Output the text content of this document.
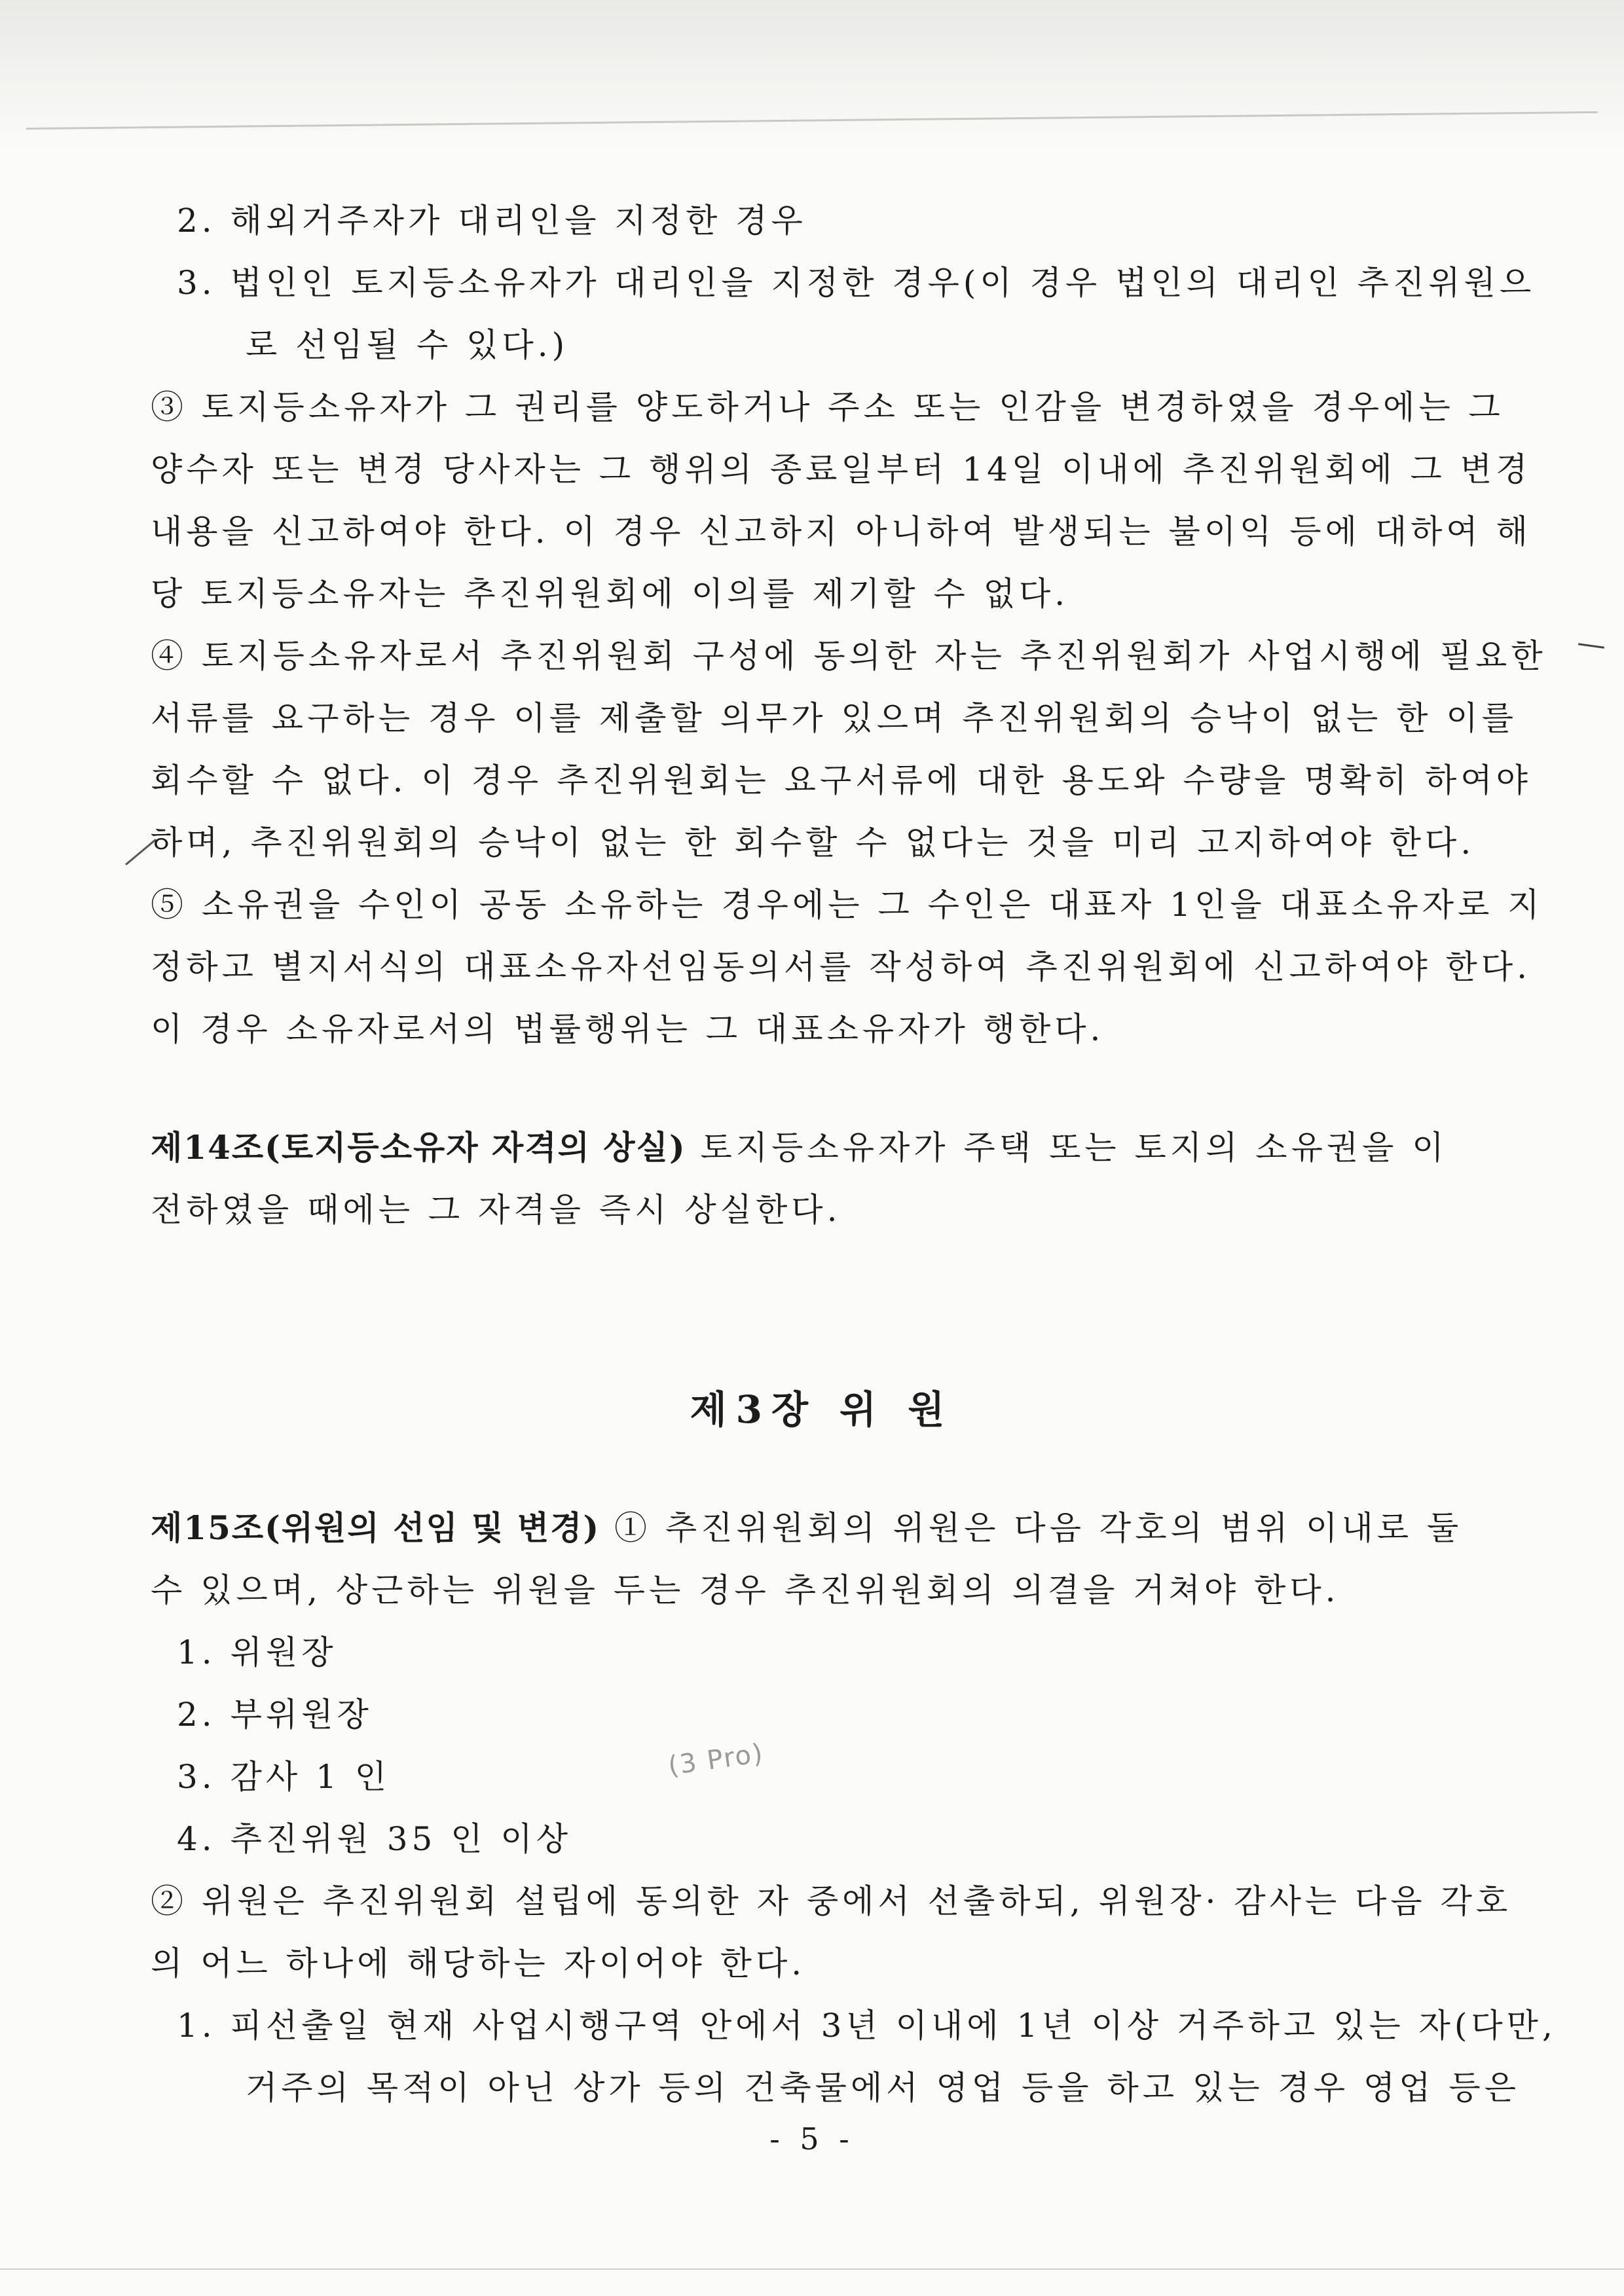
2. 해외거주자가 대리인을 지정한 경우
3. 법인인 토지등소유자가 대리인을 지정한 경우(이 경우 법인의 대리인 추진위원으
로 선임될 수 있다.)
③ 토지등소유자가 그 권리를 양도하거나 주소 또는 인감을 변경하였을 경우에는 그
양수자 또는 변경 당사자는 그 행위의 종료일부터 14일 이내에 추진위원회에 그 변경
내용을 신고하여야 한다. 이 경우 신고하지 아니하여 발생되는 불이익 등에 대하여 해
당 토지등소유자는 추진위원회에 이의를 제기할 수 없다.
④ 토지등소유자로서 추진위원회 구성에 동의한 자는 추진위원회가 사업시행에 필요한
서류를 요구하는 경우 이를 제출할 의무가 있으며 추진위원회의 승낙이 없는 한 이를
회수할 수 없다. 이 경우 추진위원회는 요구서류에 대한 용도와 수량을 명확히 하여야
하며, 추진위원회의 승낙이 없는 한 회수할 수 없다는 것을 미리 고지하여야 한다.
⑤ 소유권을 수인이 공동 소유하는 경우에는 그 수인은 대표자 1인을 대표소유자로 지
정하고 별지서식의 대표소유자선임동의서를 작성하여 추진위원회에 신고하여야 한다.
이 경우 소유자로서의 법률행위는 그 대표소유자가 행한다.
제14조(토지등소유자 자격의 상실) 토지등소유자가 주택 또는 토지의 소유권을 이
전하였을 때에는 그 자격을 즉시 상실한다.
제3장 위 원
제15조(위원의 선임 및 변경) ① 추진위원회의 위원은 다음 각호의 범위 이내로 둘
수 있으며, 상근하는 위원을 두는 경우 추진위원회의 의결을 거쳐야 한다.
1. 위원장
2. 부위원장
3. 감사 1 인
4. 추진위원 35 인 이상
② 위원은 추진위원회 설립에 동의한 자 중에서 선출하되, 위원장· 감사는 다음 각호
의 어느 하나에 해당하는 자이어야 한다.
1. 피선출일 현재 사업시행구역 안에서 3년 이내에 1년 이상 거주하고 있는 자(다만,
거주의 목적이 아닌 상가 등의 건축물에서 영업 등을 하고 있는 경우 영업 등은
(3 Pro)
- 5 -
